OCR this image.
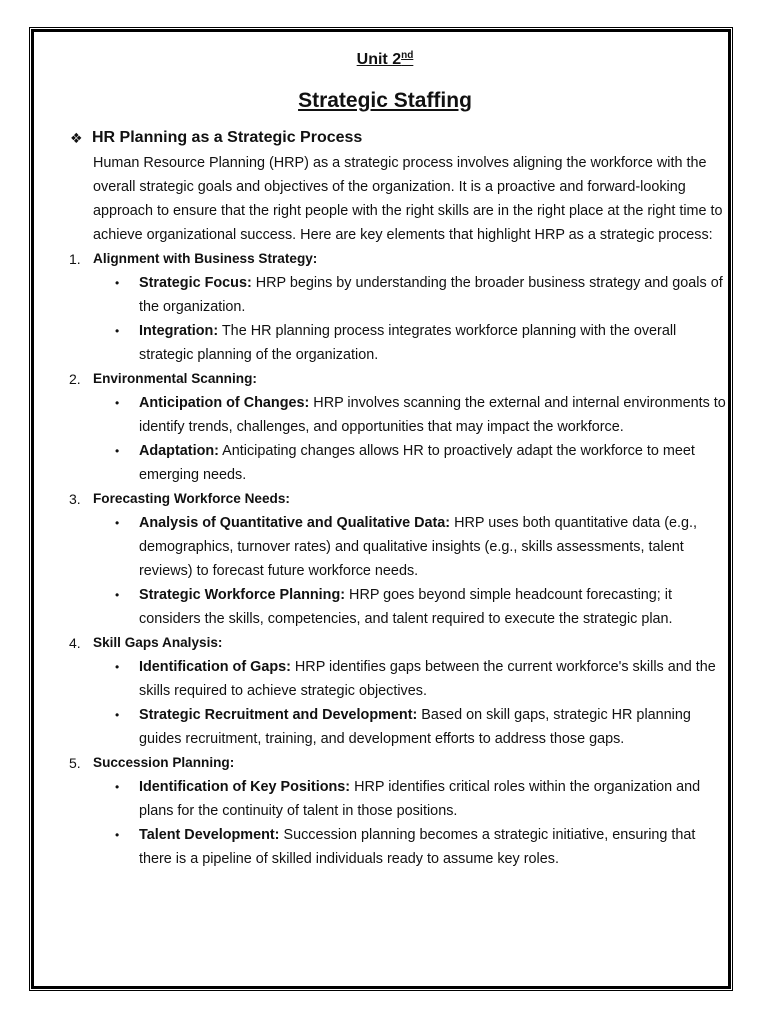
Unit 2nd
Strategic Staffing
❖ HR Planning as a Strategic Process
Human Resource Planning (HRP) as a strategic process involves aligning the workforce with the overall strategic goals and objectives of the organization. It is a proactive and forward-looking approach to ensure that the right people with the right skills are in the right place at the right time to achieve organizational success. Here are key elements that highlight HRP as a strategic process:
1. Alignment with Business Strategy:
• Strategic Focus: HRP begins by understanding the broader business strategy and goals of the organization.
• Integration: The HR planning process integrates workforce planning with the overall strategic planning of the organization.
2. Environmental Scanning:
• Anticipation of Changes: HRP involves scanning the external and internal environments to identify trends, challenges, and opportunities that may impact the workforce.
• Adaptation: Anticipating changes allows HR to proactively adapt the workforce to meet emerging needs.
3. Forecasting Workforce Needs:
• Analysis of Quantitative and Qualitative Data: HRP uses both quantitative data (e.g., demographics, turnover rates) and qualitative insights (e.g., skills assessments, talent reviews) to forecast future workforce needs.
• Strategic Workforce Planning: HRP goes beyond simple headcount forecasting; it considers the skills, competencies, and talent required to execute the strategic plan.
4. Skill Gaps Analysis:
• Identification of Gaps: HRP identifies gaps between the current workforce's skills and the skills required to achieve strategic objectives.
• Strategic Recruitment and Development: Based on skill gaps, strategic HR planning guides recruitment, training, and development efforts to address those gaps.
5. Succession Planning:
• Identification of Key Positions: HRP identifies critical roles within the organization and plans for the continuity of talent in those positions.
• Talent Development: Succession planning becomes a strategic initiative, ensuring that there is a pipeline of skilled individuals ready to assume key roles.
